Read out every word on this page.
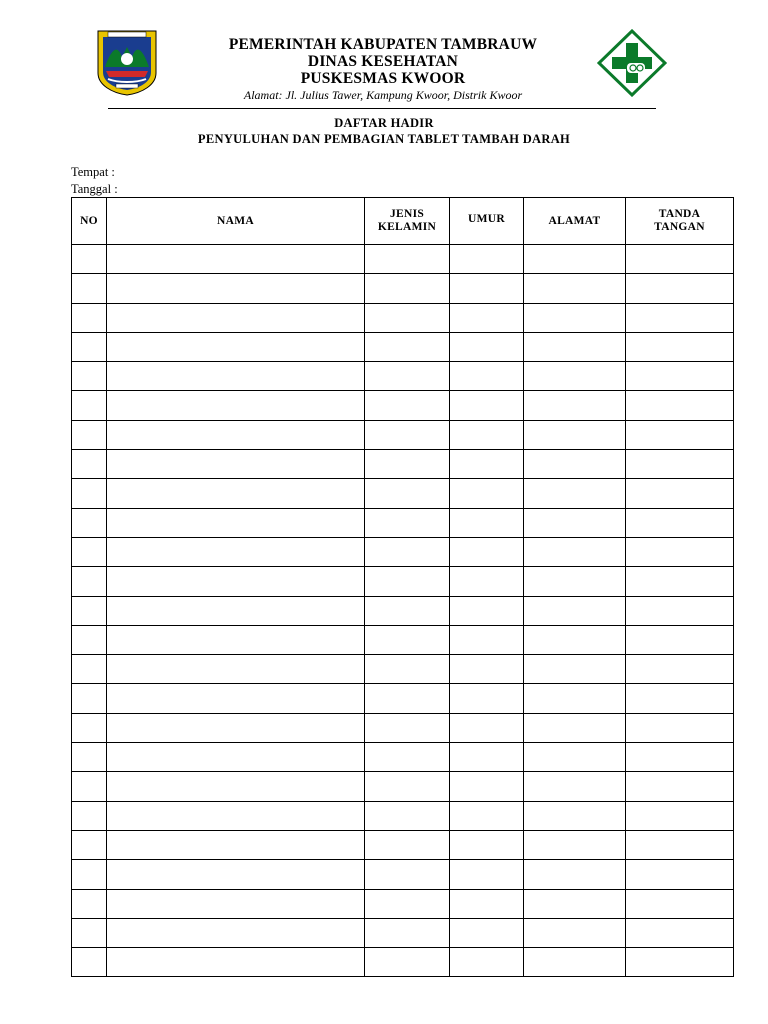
PEMERINTAH KABUPATEN TAMBRAUW
DINAS KESEHATAN
PUSKESMAS KWOOR
Alamat: Jl. Julius Tawer, Kampung Kwoor, Distrik Kwoor
DAFTAR HADIR
PENYULUHAN DAN PEMBAGIAN TABLET TAMBAH DARAH
Tempat :
Tanggal :
NO	NAMA	JENIS KELAMIN	UMUR	ALAMAT	TANDA TANGAN
